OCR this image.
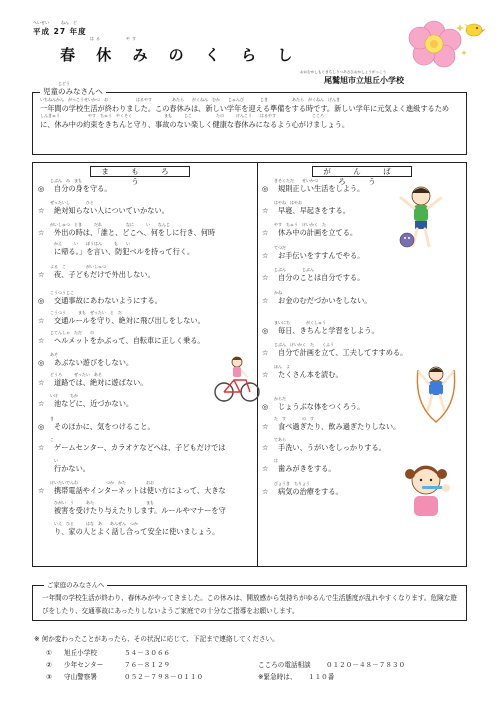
へいせい　　　ねん　ど
平成 27 年度
はる　　　　やす
春 休 み の く ら し
おおむかしもとまちしりつあさひおかしょうがっこう
尾鷲旭市立旭丘小学校
じどう
児童のみなさんへ
いちねんかん　がっこうせいかつ　お　　　　　　　はるやす　　　　　あたら　　がくねん　むか　　じゅんび　　　　じき　　　　　　あたら　がくねん　げんき
しんきゅう　　　　　　　やす　ちゅう　やくそく　　　　　　　　まも　　　じこ　　　　　　たの　　　けんこう　　はるやす　　　　　　　　　こころ
一年間の学校生活が終わりました。この春休みは、新しい学年を迎える準備をする時です。新しい学年に元気よく進級するために、休み中の約束をきちんと守り、事故のない楽しく健康な春休みになるよう心がけましょう。
ま も ろ う
が ん ば ろ う
じぶん　み　まも
◎ 自分の身を守る。
ぜったいし　　　　ひと
☆ 絶対知らない人についていかない。
がいしゅつ　とき　　　だれ　　　　　　なに　　　い　　なんじ
☆ 外出の時は、「誰と、どこへ、何をしに行き、何時
かえ　　　い　　ぼうはん　　　も　　い
に帰る。」を言い、防犯ベルを持って行く。
よる　こ　　　　　がいしゅつ
☆ 夜、子どもだけで外出しない。
こうつうじこ
◎ 交通事故にあわないようにする。
こうつう　　　まも　ぜったい　と　だ
☆ 交通ルールを守り、絶対に飛び出しをしない。
じてんしゃ　ただ　　の
☆ ヘルメットをかぶって、自転車に正しく乗る。
あそ
◎ あぶない遊びをしない。
どうろ　　　ぜったい　あそ
☆ 道路では、絶対に遊ばない。
いけ　　　ちか
☆ 池などに、近づかない。
き
◎ そのほかに、気をつけること。
こ
☆ ゲームセンター、カラオケなどへは、子どもだけでは
い
行かない。
けいたいでんわ　　　　　　　つか　かた　　　　　おお
☆ 携帯電話やインターネットは使い方によって、大きな
ひがい　う　　　あた　　　　　　　　　　　　　まも
被害を受けたり与えたりします。ルールやマナーを守
いえ　ひと　　　はな　あ　　あんぜん　つか
り、家の人とよく話し合って安全に使いましょう。
きそくただ　　せいかつ
◎ 規則正しい生活をしよう。
はやね　はやお
☆ 早寝、早起きをする。
やす　ちゅう　けいかく　た
☆ 休み中の計画を立てる。
てつだ
☆ お手伝いをすすんでやる。
じぶん　　　　じぶん
☆ 自分のことは自分でする。
かね
☆ お金のむだづかいをしない。
まいにち　　　　がくしゅう
◎ 毎日、きちんと学習をしよう。
じぶん　けいかく　た　　くふう
☆ 自分で計画を立て、工夫してすすめる。
ほん　よ
☆ たくさん本を読む。
からだ
◎ じょうぶな体をつくろう。
た　す　　　　の　す
☆ 食べ過ぎたり、飲み過ぎたりしない。
てあら
☆ 手洗い、うがいをしっかりする。
は
☆ 歯みがきをする。
びょうき　ちりょう
☆ 病気の治療をする。
ご家庭のみなさんへ
一年間の学校生活が終わり、春休みがやってきました。この休みは、開放感から気持ちがゆるんで生活態度が乱れやすくなります。危険な遊びをしたり、交通事故にあったりしないようご家庭での十分なご指導をお願いします。
※ 何か変わったことがあったら、その状況に応じて、下記まで連絡してください。
① 旭丘小学校	５４－３０６６
② 少年センター	７６－８１２９
③ 守山警察署	０５２－７９８－０１１０
こころの電話相談 ０１２０－４８－７８３０
※緊急時は、 １１０番
